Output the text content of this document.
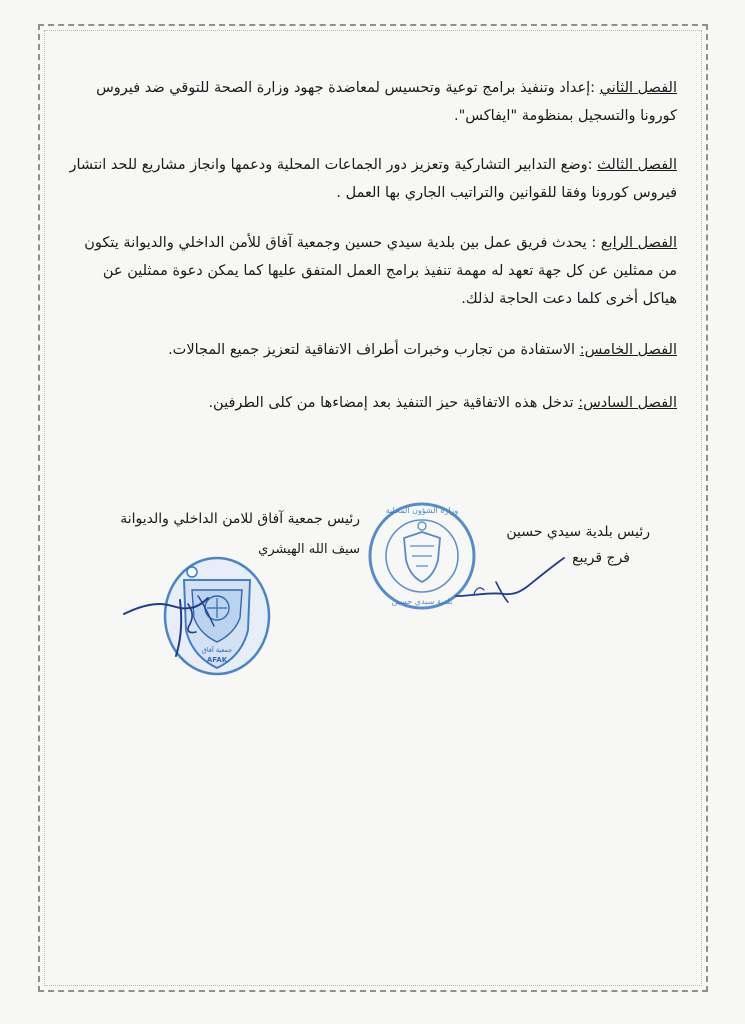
الفصل الثاني :إعداد وتنفيذ برامج توعية وتحسيس لمعاضدة جهود وزارة الصحة للتوقي ضد فيروس كورونا والتسجيل بمنظومة "ايفاكس".
الفصل الثالث :وضع التدابير التشاركية وتعزيز دور الجماعات المحلية ودعمها وانجاز مشاريع للحد انتشار فيروس كورونا وفقا للقوانين والتراتيب الجاري بها العمل .
الفصل الرابع : يحدث فريق عمل بين بلدية سيدي حسين وجمعية آفاق للأمن الداخلي والديوانة يتكون من ممثلين عن كل جهة تعهد له مهمة تنفيذ برامج العمل المتفق عليها كما يمكن دعوة ممثلين عن هياكل أخرى كلما دعت الحاجة لذلك.
الفصل الخامس: الاستفادة من تجارب وخبرات أطراف الاتفاقية لتعزيز جميع المجالات.
الفصل السادس: تدخل هذه الاتفاقية حيز التنفيذ بعد إمضاءها من كلى الطرفين.
رئيس جمعية آفاق للامن الداخلي والديوانة
سيف الله الهيشري
رئيس بلدية سيدي حسين
فرج قريبع
وزارة الشؤون المحلية
بلدية سيدي حسين
جمعية آفاق
AFAK
